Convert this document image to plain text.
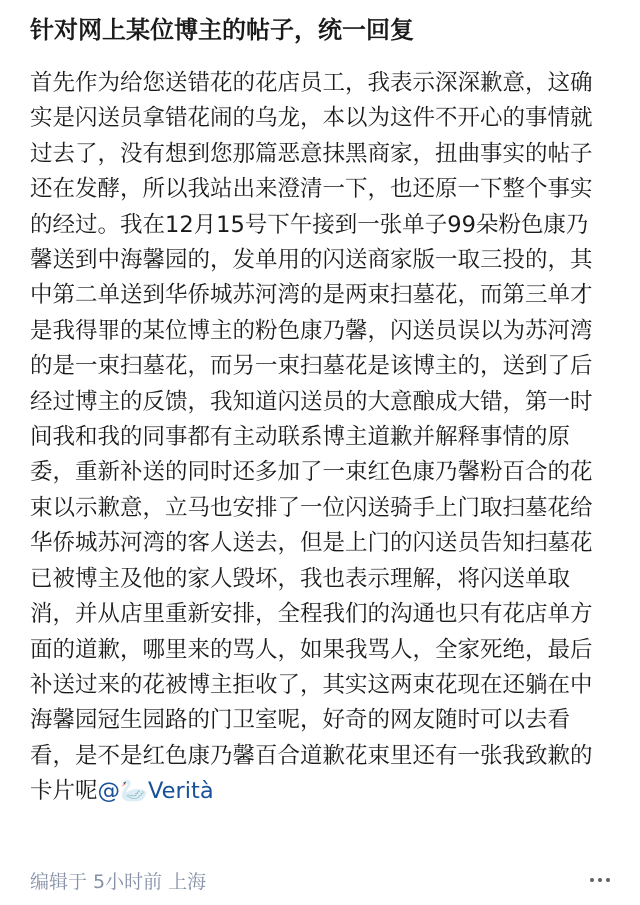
针对网上某位博主的帖子，统一回复

首先作为给您送错花的花店员工，我表示深深歉意，这确实是闪送员拿错花闹的乌龙，本以为这件不开心的事情就过去了，没有想到您那篇恶意抹黑商家，扭曲事实的帖子还在发酵，所以我站出来澄清一下，也还原一下整个事实的经过。我在12月15号下午接到一张单子99朵粉色康乃馨送到中海馨园的，发单用的闪送商家版一取三投的，其中第二单送到华侨城苏河湾的是两束扫墓花，而第三单才是我得罪的某位博主的粉色康乃馨，闪送员误以为苏河湾的是一束扫墓花，而另一束扫墓花是该博主的，送到了后经过博主的反馈，我知道闪送员的大意酿成大错，第一时间我和我的同事都有主动联系博主道歉并解释事情的原委，重新补送的同时还多加了一束红色康乃馨粉百合的花束以示歉意，立马也安排了一位闪送骑手上门取扫墓花给华侨城苏河湾的客人送去，但是上门的闪送员告知扫墓花已被博主及他的家人毁坏，我也表示理解，将闪送单取消，并从店里重新安排，全程我们的沟通也只有花店单方面的道歉，哪里来的骂人，如果我骂人，全家死绝，最后补送过来的花被博主拒收了，其实这两束花现在还躺在中海馨园冠生园路的门卫室呢，好奇的网友随时可以去看看，是不是红色康乃馨百合道歉花束里还有一张我致歉的卡片呢@🦢Verità

编辑于 5小时前 上海
